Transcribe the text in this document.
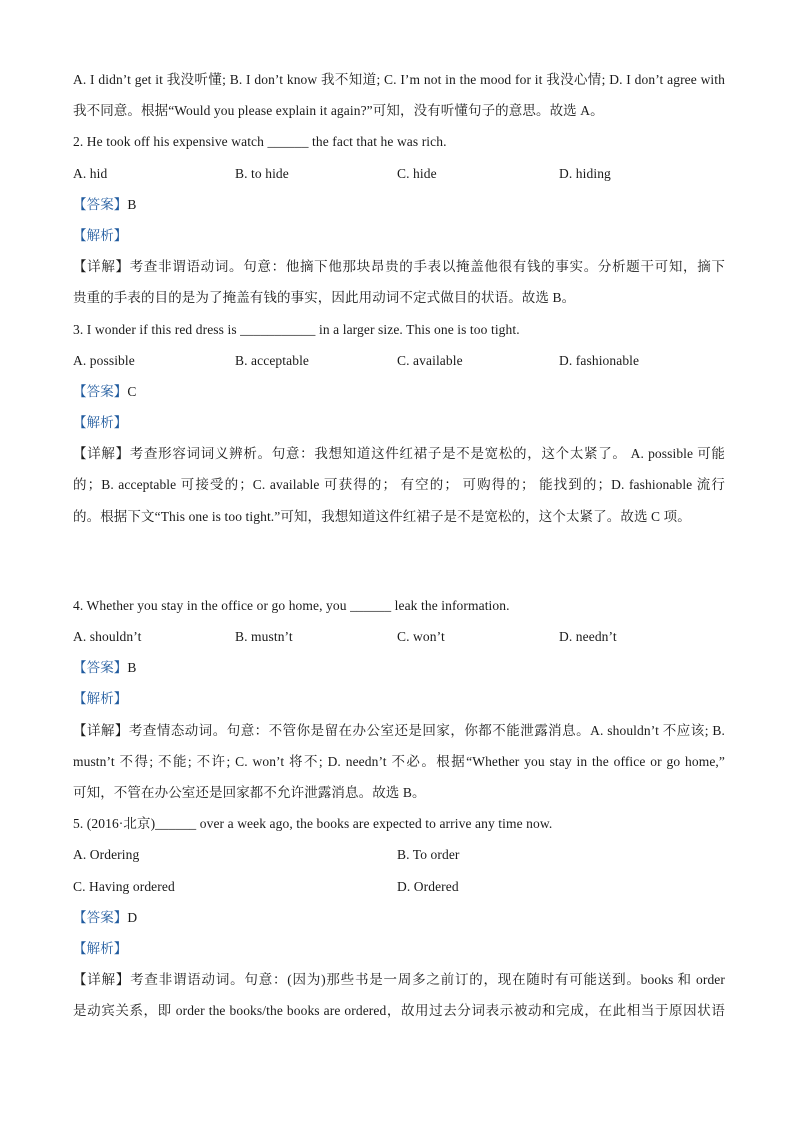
A. I didn’t get it 我没听懂; B. I don’t know 我不知道; C. I’m not in the mood for it 我没心情; D. I don’t agree with
我不同意。根据“Would you please explain it again?”可知，没有听懂句子的意思。故选 A。
2. He took off his expensive watch ______ the fact that he was rich.
A. hid	B. to hide	C. hide	D. hiding
【答案】B
【解析】
【详解】考查非谓语动词。句意：他摘下他那块昂贵的手表以掩盖他很有钱的事实。分析题干可知，摘下
贵重的手表的目的是为了掩盖有钱的事实，因此用动词不定式做目的状语。故选 B。
3. I wonder if this red dress is ___________ in a larger size. This one is too tight.
A. possible	B. acceptable	C. available	D. fashionable
【答案】C
【解析】
【详解】考查形容词词义辨析。句意：我想知道这件红裙子是不是宽松的，这个太紧了。 A. possible 可能
的；B. acceptable 可接受的；C. available 可获得的； 有空的； 可购得的； 能找到的；D. fashionable 流行
的。根据下文“This one is too tight.”可知，我想知道这件红裙子是不是宽松的，这个太紧了。故选 C 项。
4. Whether you stay in the office or go home, you ______ leak the information.
A. shouldn’t	B. mustn’t	C. won’t	D. needn’t
【答案】B
【解析】
【详解】考查情态动词。句意：不管你是留在办公室还是回家，你都不能泄露消息。A. shouldn’t 不应该; B.
mustn’t 不得; 不能; 不许; C. won’t 将不; D. needn’t 不必。根据“Whether you stay in the office or go home,”
可知，不管在办公室还是回家都不允许泄露消息。故选 B。
5. (2016·北京)______ over a week ago, the books are expected to arrive any time now.
A. Ordering	B. To order
C. Having ordered	D. Ordered
【答案】D
【解析】
【详解】考查非谓语动词。句意：(因为)那些书是一周多之前订的，现在随时有可能送到。books 和 order
是动宾关系，即 order the books/the books are ordered，故用过去分词表示被动和完成，在此相当于原因状语
